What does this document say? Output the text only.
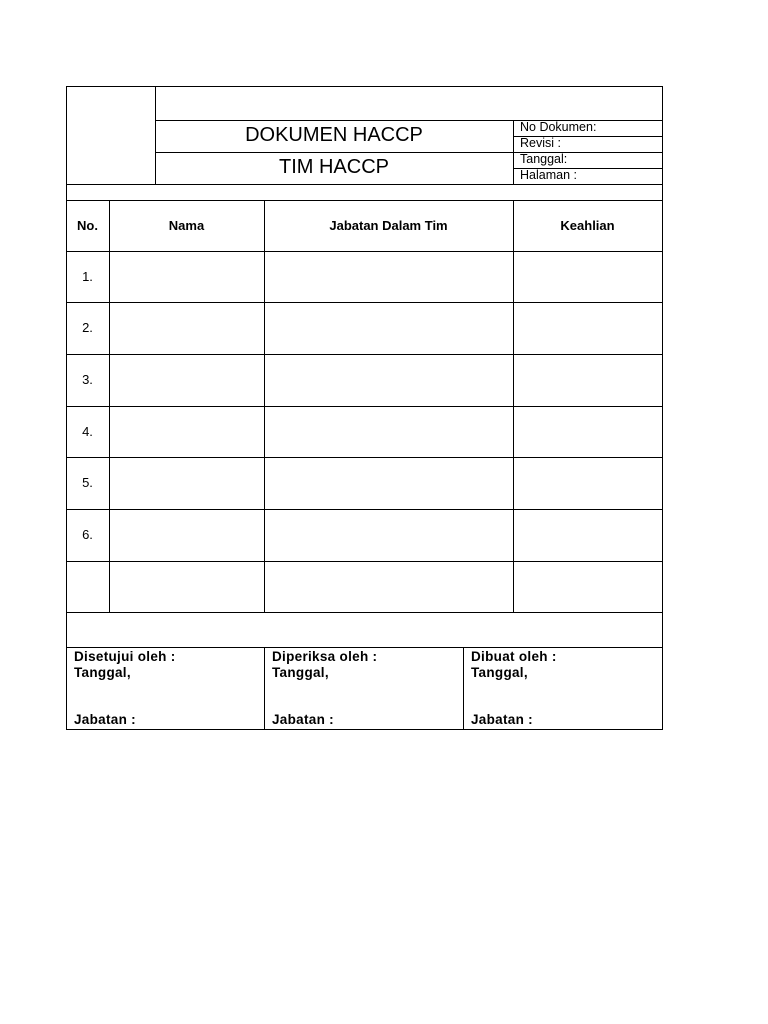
DOKUMEN HACCP
TIM HACCP
No Dokumen:
Revisi :
Tanggal:
Halaman :
No.	Nama	Jabatan Dalam Tim	Keahlian
1.
2.
3.
4.
5.
6.
Disetujui oleh :
Tanggal,
Jabatan :
Diperiksa oleh :
Tanggal,
Jabatan :
Dibuat oleh :
Tanggal,
Jabatan :
